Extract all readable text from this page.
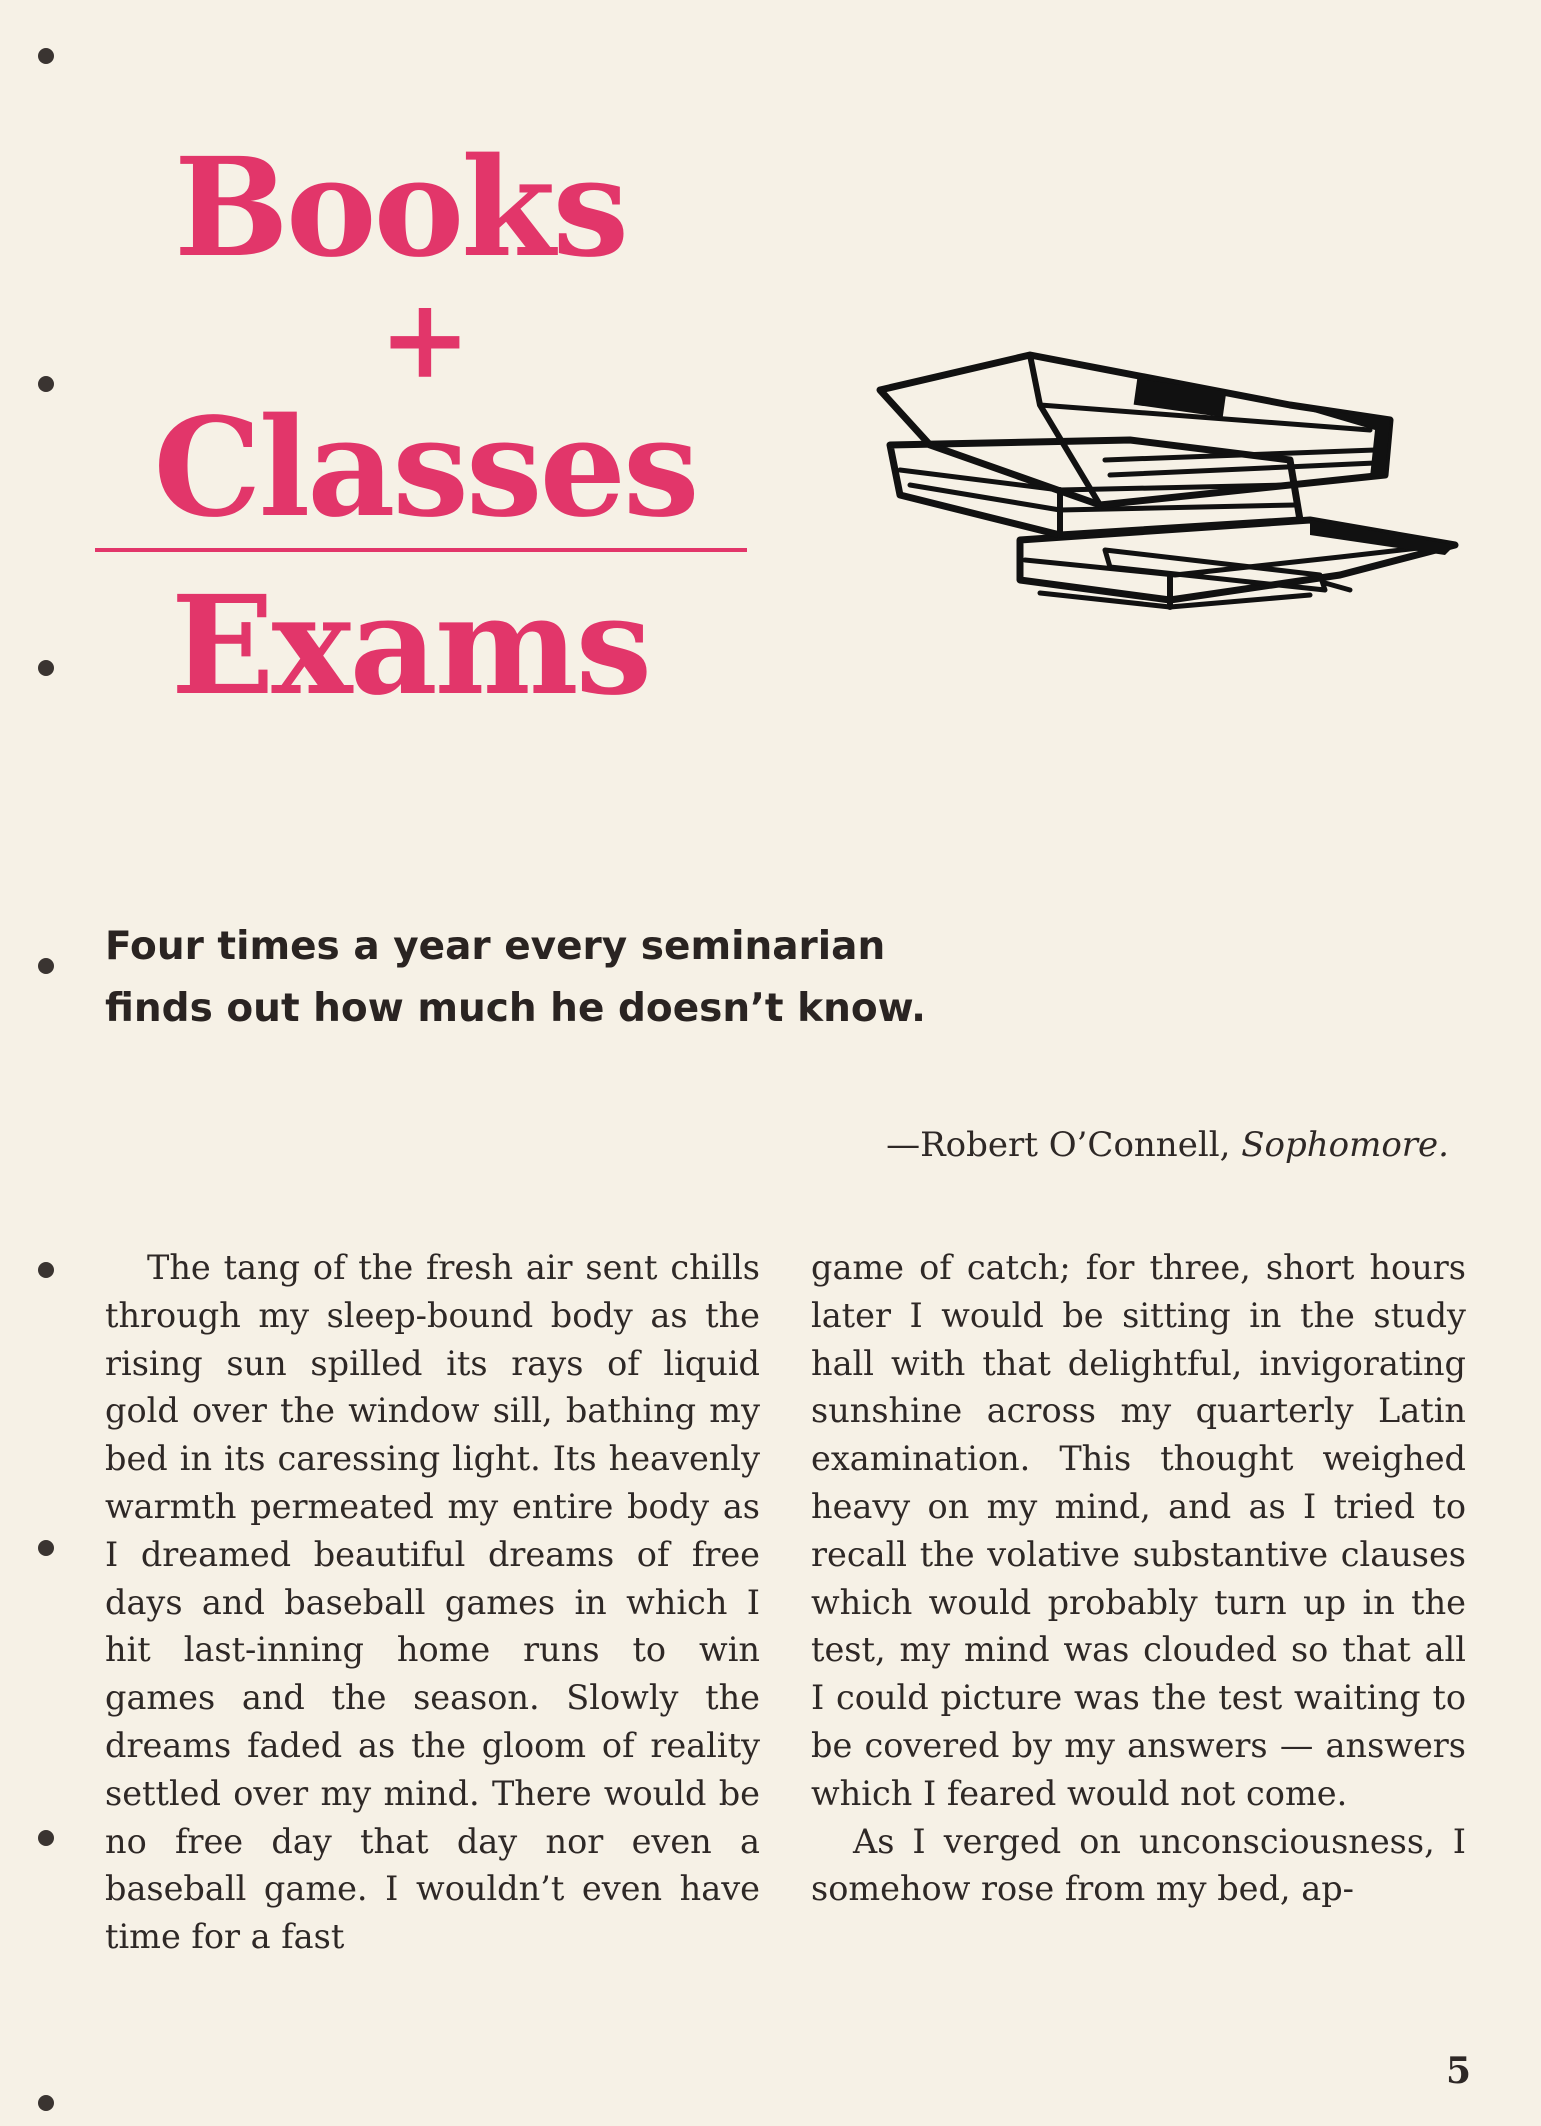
Books
+
Classes
Exams
Four times a year every seminarian
finds out how much he doesn’t know.
—Robert O’Connell, Sophomore.

The tang of the fresh air sent chills through my sleep-bound body as the rising sun spilled its rays of liquid gold over the window sill, bathing my bed in its caressing light. Its heavenly warmth permeated my entire body as I dreamed beautiful dreams of free days and baseball games in which I hit last-inning home runs to win games and the season. Slowly the dreams faded as the gloom of reality settled over my mind. There would be no free day that day nor even a baseball game. I wouldn’t even have time for a fast

game of catch; for three, short hours later I would be sitting in the study hall with that delightful, invigorating sunshine across my quarterly Latin examination. This thought weighed heavy on my mind, and as I tried to recall the volative substantive clauses which would probably turn up in the test, my mind was clouded so that all I could picture was the test waiting to be covered by my answers — answers which I feared would not come.

As I verged on unconsciousness, I somehow rose from my bed, ap-

5
